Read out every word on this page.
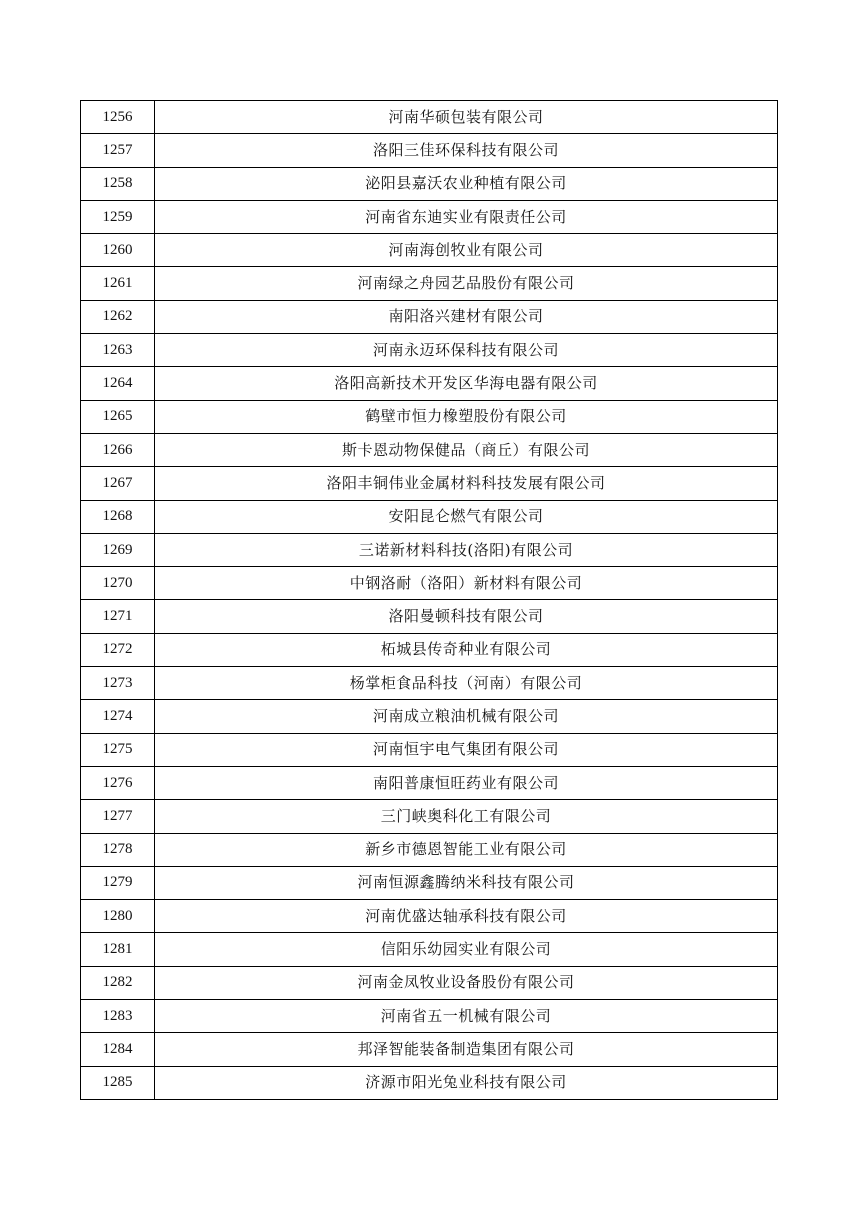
1256	河南华硕包装有限公司
1257	洛阳三佳环保科技有限公司
1258	泌阳县嘉沃农业种植有限公司
1259	河南省东迪实业有限责任公司
1260	河南海创牧业有限公司
1261	河南绿之舟园艺品股份有限公司
1262	南阳洛兴建材有限公司
1263	河南永迈环保科技有限公司
1264	洛阳高新技术开发区华海电器有限公司
1265	鹤壁市恒力橡塑股份有限公司
1266	斯卡恩动物保健品（商丘）有限公司
1267	洛阳丰铜伟业金属材料科技发展有限公司
1268	安阳昆仑燃气有限公司
1269	三诺新材料科技(洛阳)有限公司
1270	中钢洛耐（洛阳）新材料有限公司
1271	洛阳曼顿科技有限公司
1272	柘城县传奇种业有限公司
1273	杨掌柜食品科技（河南）有限公司
1274	河南成立粮油机械有限公司
1275	河南恒宇电气集团有限公司
1276	南阳普康恒旺药业有限公司
1277	三门峡奥科化工有限公司
1278	新乡市德恩智能工业有限公司
1279	河南恒源鑫腾纳米科技有限公司
1280	河南优盛达轴承科技有限公司
1281	信阳乐幼园实业有限公司
1282	河南金凤牧业设备股份有限公司
1283	河南省五一机械有限公司
1284	邦泽智能装备制造集团有限公司
1285	济源市阳光兔业科技有限公司
